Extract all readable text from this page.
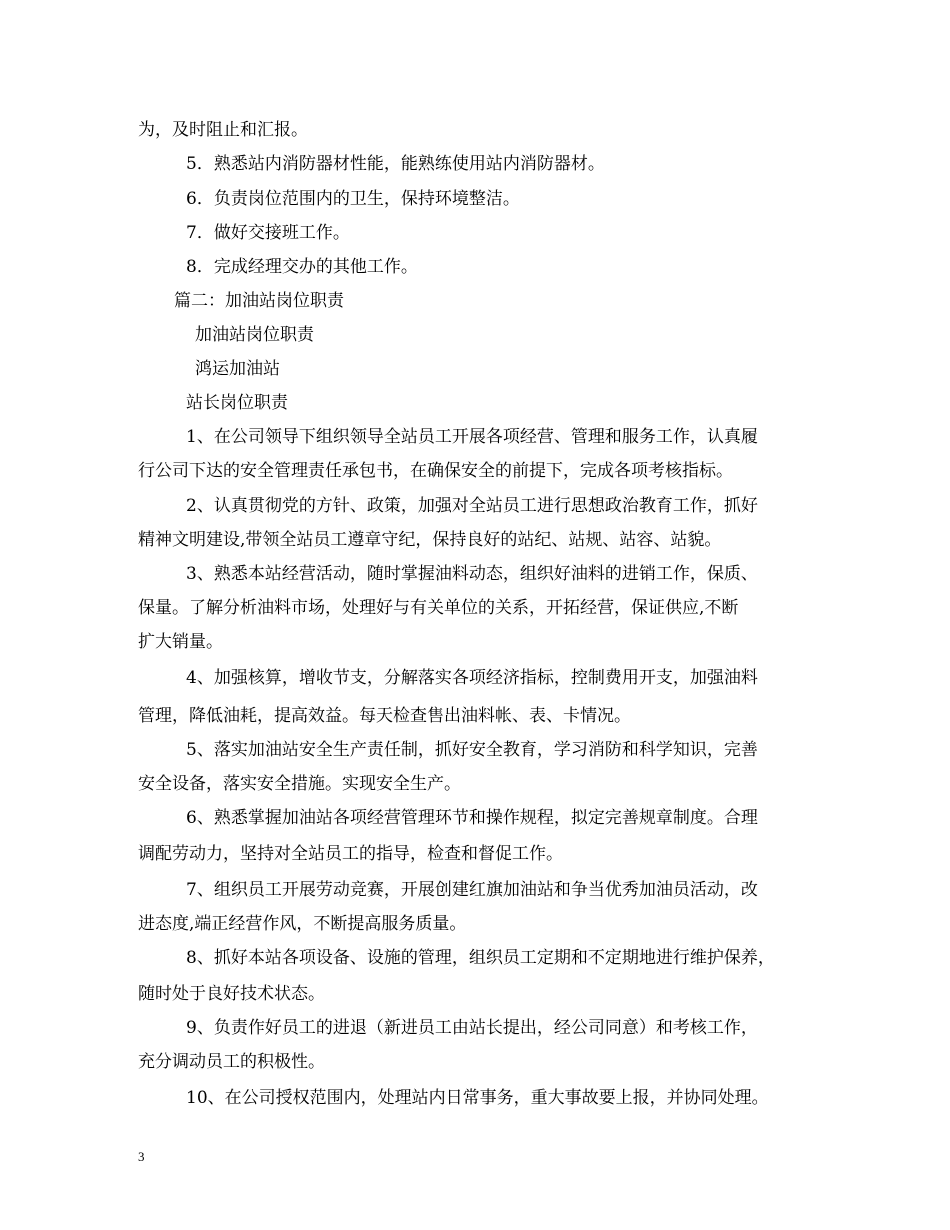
为，及时阻止和汇报。
5．熟悉站内消防器材性能，能熟练使用站内消防器材。
6．负责岗位范围内的卫生，保持环境整洁。
7．做好交接班工作。
8．完成经理交办的其他工作。
篇二：加油站岗位职责
加油站岗位职责
鸿运加油站
站长岗位职责
1、在公司领导下组织领导全站员工开展各项经营、管理和服务工作，认真履
行公司下达的安全管理责任承包书，在确保安全的前提下，完成各项考核指标。
2、认真贯彻党的方针、政策，加强对全站员工进行思想政治教育工作，抓好
精神文明建设,带领全站员工遵章守纪，保持良好的站纪、站规、站容、站貌。
3、熟悉本站经营活动，随时掌握油料动态，组织好油料的进销工作，保质、
保量。了解分析油料市场，处理好与有关单位的关系，开拓经营，保证供应,不断
扩大销量。
4、加强核算，增收节支，分解落实各项经济指标，控制费用开支，加强油料
管理，降低油耗，提高效益。每天检查售出油料帐、表、卡情况。
5、落实加油站安全生产责任制，抓好安全教育，学习消防和科学知识，完善
安全设备，落实安全措施。实现安全生产。
6、熟悉掌握加油站各项经营管理环节和操作规程，拟定完善规章制度。合理
调配劳动力，坚持对全站员工的指导，检查和督促工作。
7、组织员工开展劳动竞赛，开展创建红旗加油站和争当优秀加油员活动，改
进态度,端正经营作风，不断提高服务质量。
8、抓好本站各项设备、设施的管理，组织员工定期和不定期地进行维护保养，
随时处于良好技术状态。
9、负责作好员工的进退（新进员工由站长提出，经公司同意）和考核工作，
充分调动员工的积极性。
10、在公司授权范围内，处理站内日常事务，重大事故要上报，并协同处理。
3
